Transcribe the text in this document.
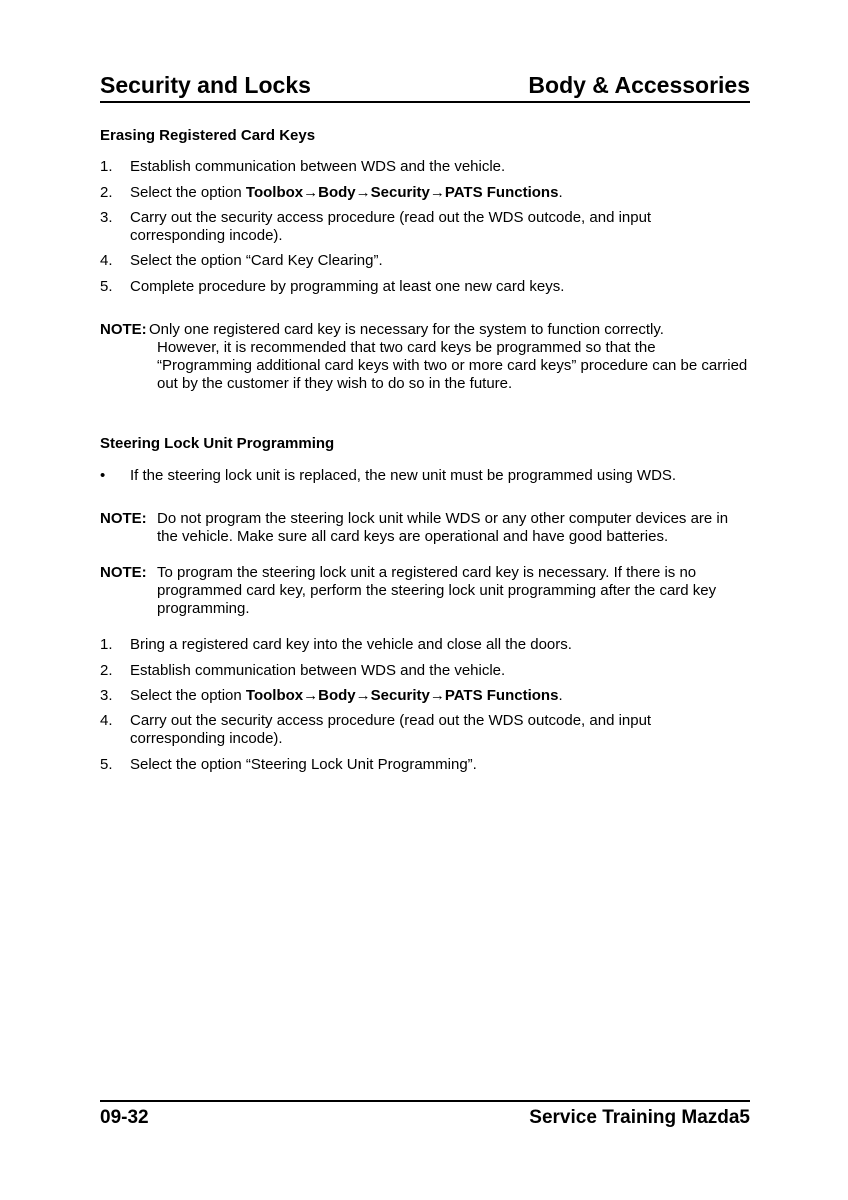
Security and Locks	Body & Accessories
Erasing Registered Card Keys
1. Establish communication between WDS and the vehicle.
2. Select the option Toolbox→Body→Security→PATS Functions.
3. Carry out the security access procedure (read out the WDS outcode, and input corresponding incode).
4. Select the option “Card Key Clearing”.
5. Complete procedure by programming at least one new card keys.
NOTE: Only one registered card key is necessary for the system to function correctly.
However, it is recommended that two card keys be programmed so that the “Programming additional card keys with two or more card keys” procedure can be carried out by the customer if they wish to do so in the future.
Steering Lock Unit Programming
• If the steering lock unit is replaced, the new unit must be programmed using WDS.
NOTE: Do not program the steering lock unit while WDS or any other computer devices are in the vehicle. Make sure all card keys are operational and have good batteries.
NOTE: To program the steering lock unit a registered card key is necessary. If there is no programmed card key, perform the steering lock unit programming after the card key programming.
1. Bring a registered card key into the vehicle and close all the doors.
2. Establish communication between WDS and the vehicle.
3. Select the option Toolbox→Body→Security→PATS Functions.
4. Carry out the security access procedure (read out the WDS outcode, and input corresponding incode).
5. Select the option “Steering Lock Unit Programming”.
09-32	Service Training Mazda5
